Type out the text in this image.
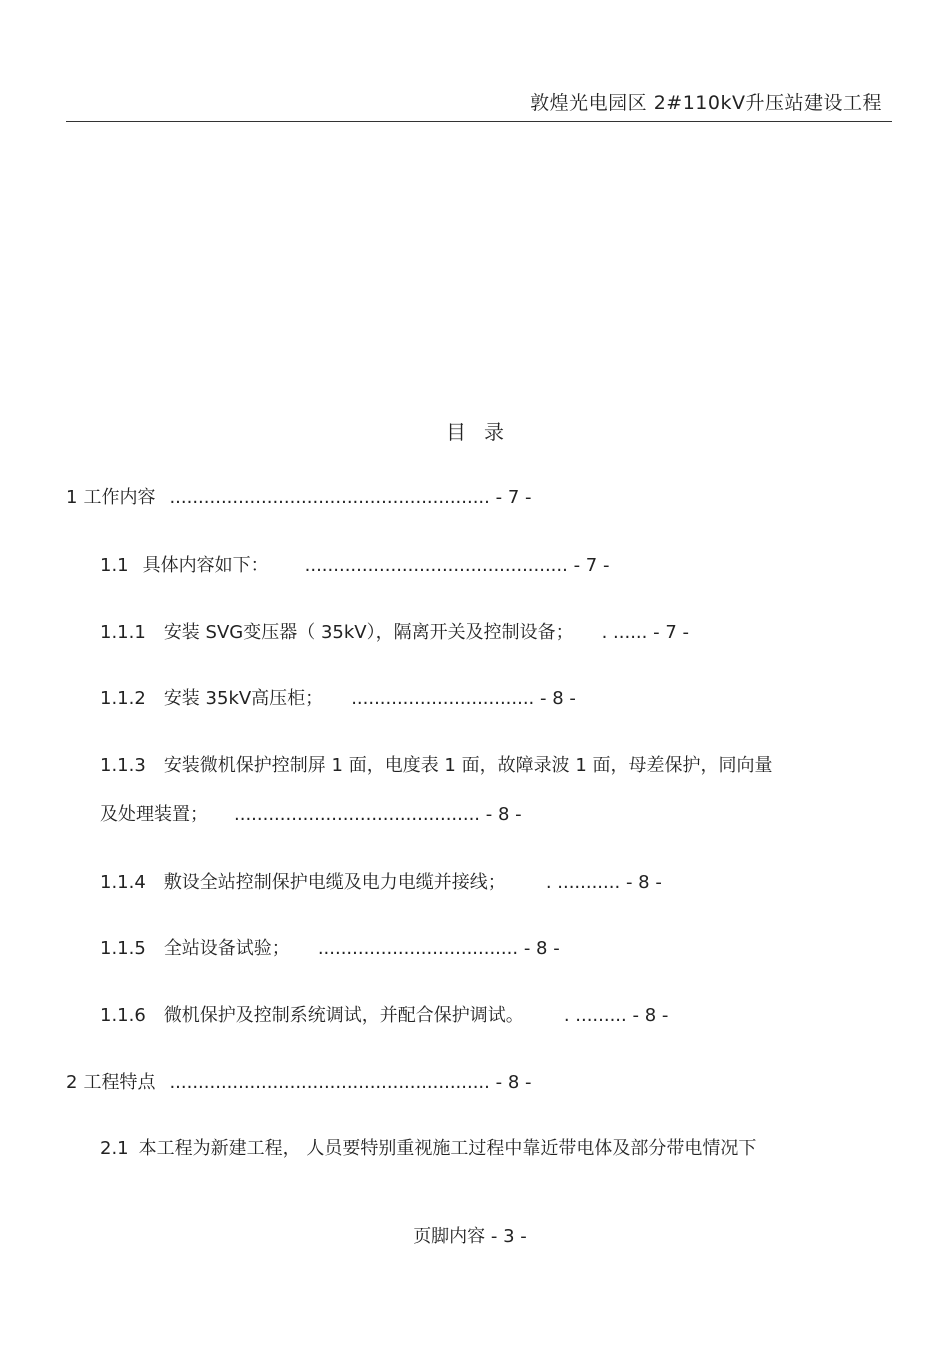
敦煌光电园区 2#110kV升压站建设工程
目录
1 工作内容 ........................................................ - 7 -
1.1 具体内容如下： .............................................. - 7 -
1.1.1 安装 SVG变压器（ 35kV），隔离开关及控制设备； . ...... - 7 -
1.1.2 安装 35kV高压柜； ................................ - 8 -
1.1.3 安装微机保护控制屏 1 面，电度表 1 面，故障录波 1 面，母差保护，同向量
及处理装置； ........................................... - 8 -
1.1.4 敷设全站控制保护电缆及电力电缆并接线； . ........... - 8 -
1.1.5 全站设备试验； ................................... - 8 -
1.1.6 微机保护及控制系统调试，并配合保护调试。 . ......... - 8 -
2 工程特点 ........................................................ - 8 -
2.1 本工程为新建工程， 人员要特别重视施工过程中靠近带电体及部分带电情况下
页脚内容 - 3 -
